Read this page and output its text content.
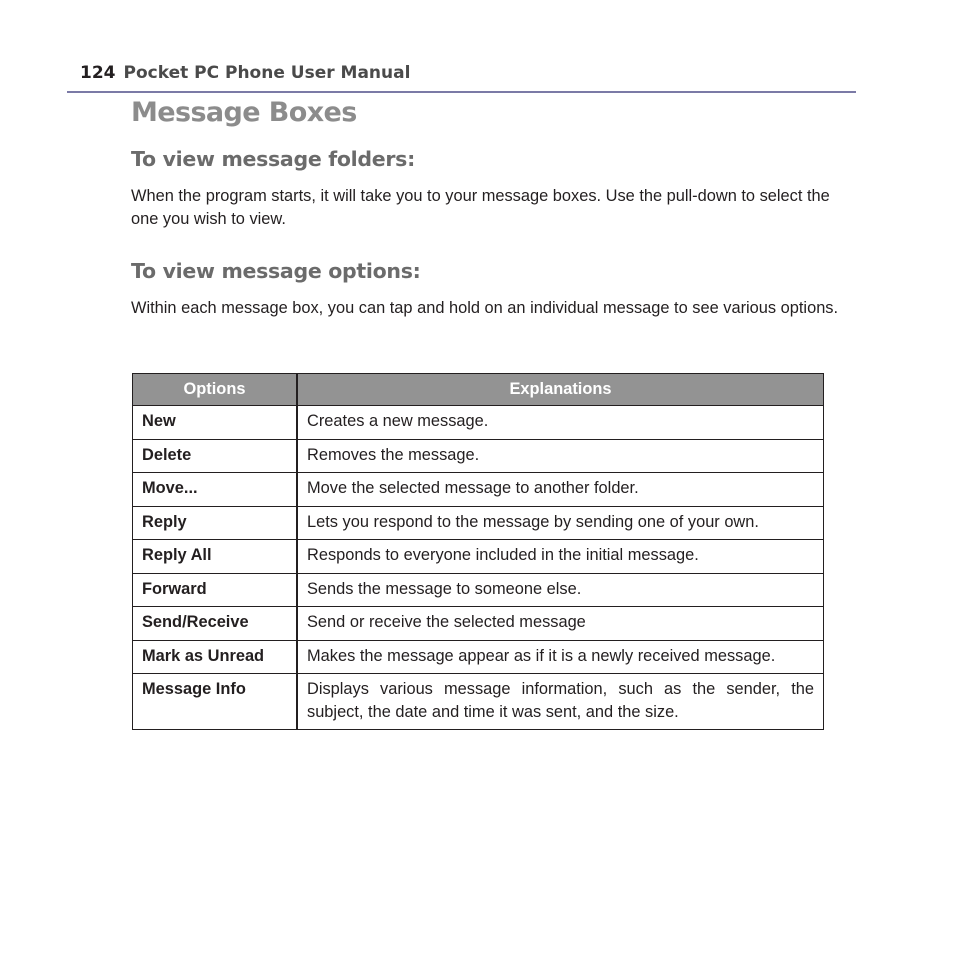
124 Pocket PC Phone User Manual
Message Boxes
To view message folders:

When the program starts, it will take you to your message boxes. Use the pull-down to select the one you wish to view.

To view message options:

Within each message box, you can tap and hold on an individual message to see various options.

Options	Explanations
New	Creates a new message.
Delete	Removes the message.
Move...	Move the selected message to another folder.
Reply	Lets you respond to the message by sending one of your own.
Reply All	Responds to everyone included in the initial message.
Forward	Sends the message to someone else.
Send/Receive	Send or receive the selected message
Mark as Unread	Makes the message appear as if it is a newly received message.
Message Info	Displays various message information, such as the sender, the subject, the date and time it was sent, and the size.
